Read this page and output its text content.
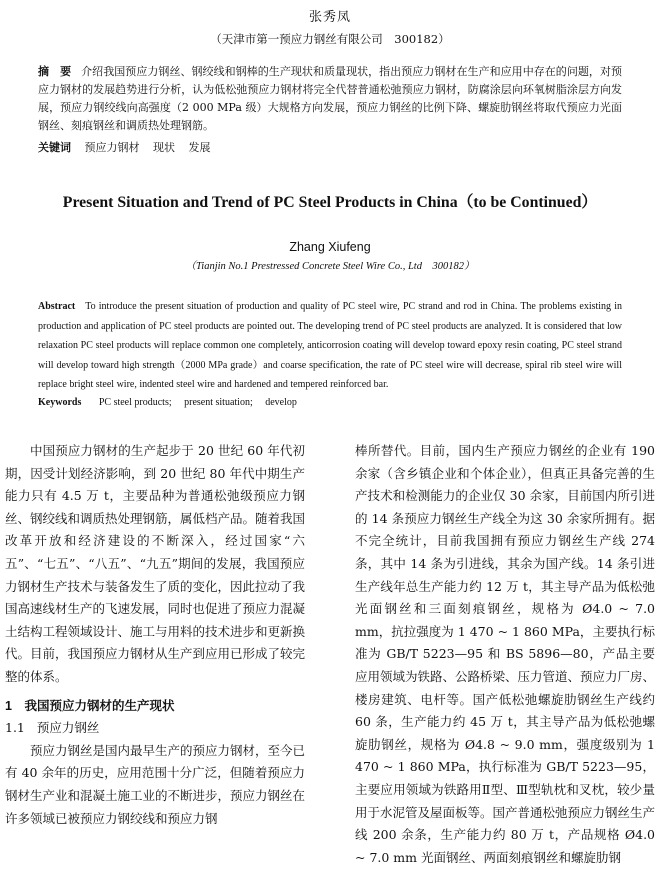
张秀凤
（天津市第一预应力钢丝有限公司　300182）
摘　要 介绍我国预应力钢丝、钢绞线和钢棒的生产现状和质量现状，指出预应力钢材在生产和应用中存在的问题，对预应力钢材的发展趋势进行分析，认为低松弛预应力钢材将完全代替普通松弛预应力钢材，防腐涂层向环氧树脂涂层方向发展，预应力钢绞线向高强度（2 000 MPa 级）大规格方向发展，预应力钢丝的比例下降、螺旋肋钢丝将取代预应力光面钢丝、刻痕钢丝和调质热处理钢筋。
关键词 预应力钢材 现状 发展
Present Situation and Trend of PC Steel Products in China（to be Continued）
Zhang Xiufeng
（Tianjin No.1 Prestressed Concrete Steel Wire Co., Ltd　300182）
Abstract To introduce the present situation of production and quality of PC steel wire, PC strand and rod in China. The problems existing in production and application of PC steel products are pointed out. The developing trend of PC steel products are analyzed. It is considered that low relaxation PC steel products will replace common one completely, anticorrosion coating will develop toward epoxy resin coating, PC steel strand will develop toward high strength（2000 MPa grade）and coarse specification, the rate of PC steel wire will decrease, spiral rib steel wire will replace bright steel wire, indented steel wire and hardened and tempered reinforced bar.
Keywords PC steel products; present situation; develop

中国预应力钢材的生产起步于 20 世纪 60 年代初期，因受计划经济影响，到 20 世纪 80 年代中期生产能力只有 4.5 万 t，主要品种为普通松弛级预应力钢丝、钢绞线和调质热处理钢筋，属低档产品。随着我国改革开放和经济建设的不断深入，经过国家“六五”、“七五”、“八五”、“九五”期间的发展，我国预应力钢材生产技术与装备发生了质的变化，因此拉动了我国高速线材生产的飞速发展，同时也促进了预应力混凝土结构工程领域设计、施工与用料的技术进步和更新换代。目前，我国预应力钢材从生产到应用已形成了较完整的体系。

1　我国预应力钢材的生产现状
1.1 预应力钢丝

预应力钢丝是国内最早生产的预应力钢材，至今已有 40 余年的历史，应用范围十分广泛，但随着预应力钢材生产业和混凝土施工业的不断进步，预应力钢丝在许多领域已被预应力钢绞线和预应力钢

棒所替代。目前，国内生产预应力钢丝的企业有 190 余家（含乡镇企业和个体企业），但真正具备完善的生产技术和检测能力的企业仅 30 余家，目前国内所引进的 14 条预应力钢丝生产线全为这 30 余家所拥有。据不完全统计，目前我国拥有预应力钢丝生产线 274 条，其中 14 条为引进线，其余为国产线。14 条引进生产线年总生产能力约 12 万 t，其主导产品为低松弛光面钢丝和三面刻痕钢丝，规格为 Ø4.0 ~ 7.0 mm，抗拉强度为 1 470 ~ 1 860 MPa，主要执行标准为 GB/T 5223—95 和 BS 5896—80，产品主要应用领域为铁路、公路桥梁、压力管道、预应力厂房、楼房建筑、电杆等。国产低松弛螺旋肋钢丝生产线约 60 条，生产能力约 45 万 t，其主导产品为低松弛螺旋肋钢丝，规格为 Ø4.8 ~ 9.0 mm，强度级别为 1 470 ~ 1 860 MPa，执行标准为 GB/T 5223—95，主要应用领域为铁路用Ⅱ型、Ⅲ型轨枕和叉枕，较少量用于水泥管及屋面板等。国产普通松弛预应力钢丝生产线 200 余条，生产能力约 80 万 t，产品规格 Ø4.0 ~ 7.0 mm 光面钢丝、两面刻痕钢丝和螺旋肋钢
